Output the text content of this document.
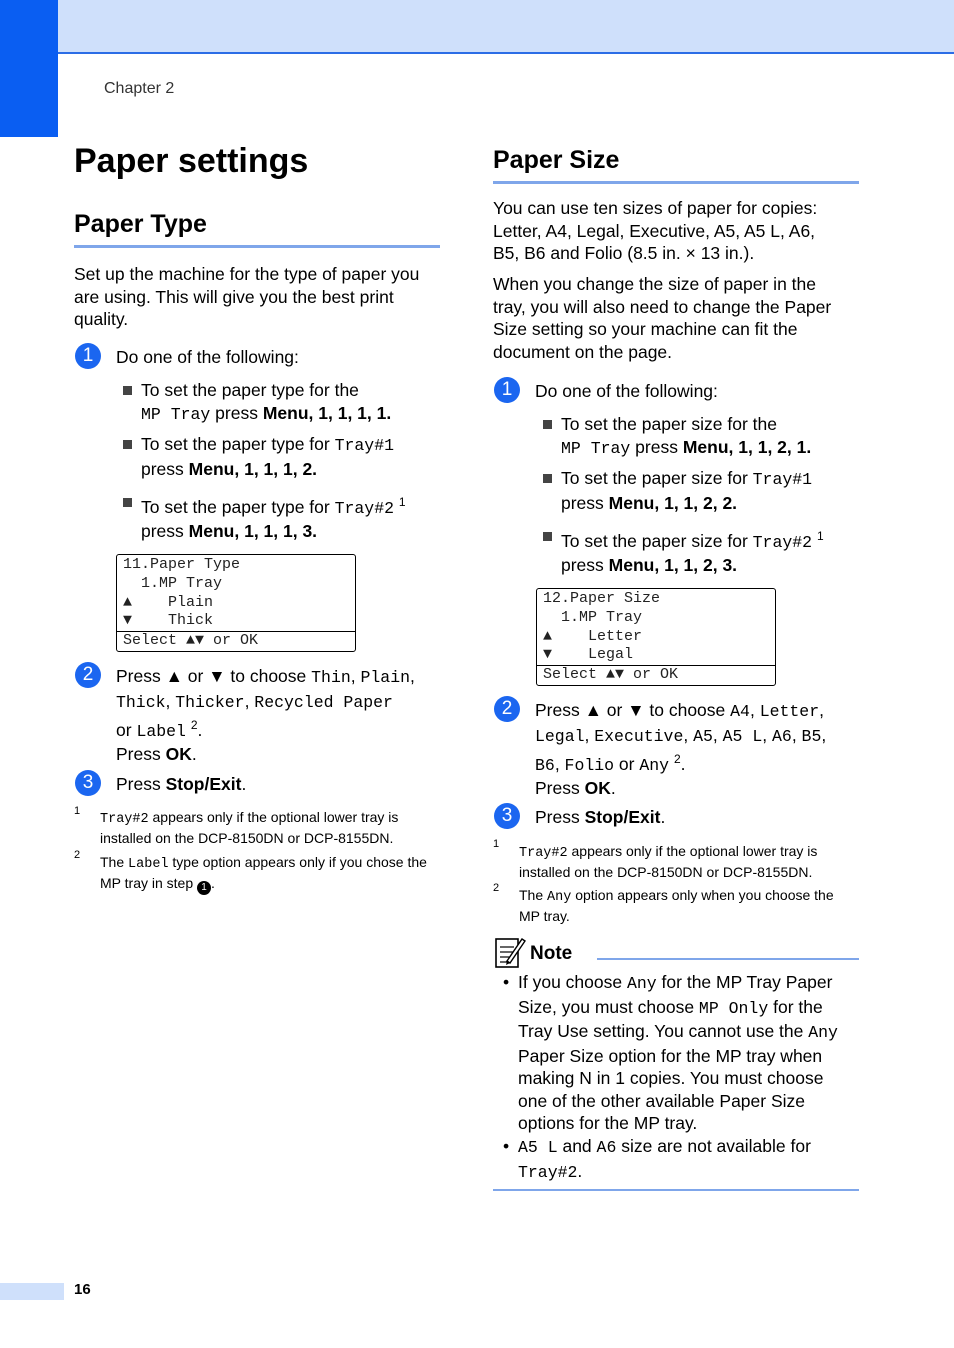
Chapter 2
Paper settings
Paper Type
Set up the machine for the type of paper you
are using. This will give you the best print
quality.
1	Do one of the following:
To set the paper type for the
MP Tray press Menu, 1, 1, 1, 1.
To set the paper type for Tray#1
press Menu, 1, 1, 1, 2.
To set the paper type for Tray#2 $^1$
press Menu, 1, 1, 1, 3.
11.Paper Type
1.MP Tray
▲    Plain
▼    Thick
Select ▲▼ or OK
2	Press ▲ or ▼ to choose Thin, Plain,
Thick, Thicker, Recycled Paper
or Label $^2$.
Press OK.
3	Press Stop/Exit.
1
Tray#2 appears only if the optional lower tray is
installed on the DCP-8150DN or DCP-8155DN.
2 The Label type option appears only if you chose the
MP tray in step 1 .
Paper Size
You can use ten sizes of paper for copies:
Letter, A4, Legal, Executive, A5, A5 L, A6,
B5, B6 and Folio (8.5 in. × 13 in.).
When you change the size of paper in the
tray, you will also need to change the Paper
Size setting so your machine can fit the
document on the page.
1	Do one of the following:
To set the paper size for the
MP Tray press Menu, 1, 1, 2, 1.
To set the paper size for Tray#1
press Menu, 1, 1, 2, 2.
To set the paper size for Tray#2 $^1$
press Menu, 1, 1, 2, 3.
12.Paper Size
1.MP Tray
▲    Letter
▼    Legal
Select ▲▼ or OK
2	Press ▲ or ▼ to choose A4, Letter,
Legal, Executive, A5, A5 L, A6, B5,
B6, Folio or Any $^2$.
Press OK.
3	Press Stop/Exit.
1
Tray#2 appears only if the optional lower tray is
installed on the DCP-8150DN or DCP-8155DN.
2 The Any option appears only when you choose the
MP tray.
Note
• If you choose Any for the MP Tray Paper
Size, you must choose MP Only for the
Tray Use setting. You cannot use the Any
Paper Size option for the MP tray when
making N in 1 copies. You must choose
one of the other available Paper Size
options for the MP tray.
• A5 L and A6 size are not available for
Tray#2.
16
